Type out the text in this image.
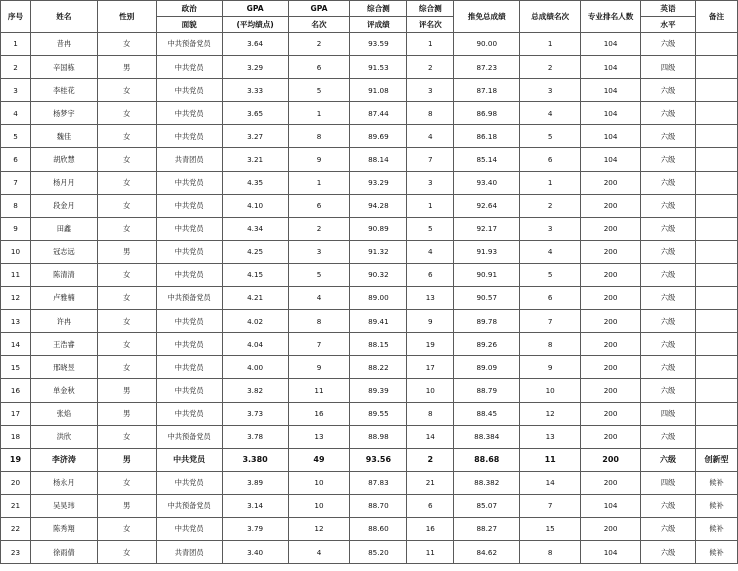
序号	姓名	性别	政治	GPA	GPA	综合测	综合测	推免总成绩	总成绩名次	专业排名人数	英语	备注
			面貌	(平均绩点)	名次	评成绩	评名次				水平	
1	昔冉	女	中共预备党员	3.64	2	93.59	1	90.00	1	104	六级	
2	辛国栋	男	中共党员	3.29	6	91.53	2	87.23	2	104	四级	
3	李桂花	女	中共党员	3.33	5	91.08	3	87.18	3	104	六级	
4	杨梦宇	女	中共党员	3.65	1	87.44	8	86.98	4	104	六级	
5	魏佳	女	中共党员	3.27	8	89.69	4	86.18	5	104	六级	
6	胡欣慧	女	共青团员	3.21	9	88.14	7	85.14	6	104	六级	
7	杨月月	女	中共党员	4.35	1	93.29	3	93.40	1	200	六级	
8	段金月	女	中共党员	4.10	6	94.28	1	92.64	2	200	六级	
9	田鑫	女	中共党员	4.34	2	90.89	5	92.17	3	200	六级	
10	冠志远	男	中共党员	4.25	3	91.32	4	91.93	4	200	六级	
11	陈清清	女	中共党员	4.15	5	90.32	6	90.91	5	200	六级	
12	卢雅楠	女	中共预备党员	4.21	4	89.00	13	90.57	6	200	六级	
13	许冉	女	中共党员	4.02	8	89.41	9	89.78	7	200	六级	
14	王浩睿	女	中共党员	4.04	7	88.15	19	89.26	8	200	六级	
15	邢晓昱	女	中共党员	4.00	9	88.22	17	89.09	9	200	六级	
16	单金秋	男	中共党员	3.82	11	89.39	10	88.79	10	200	六级	
17	张焰	男	中共党员	3.73	16	89.55	8	88.45	12	200	四级	
18	洪欣	女	中共预备党员	3.78	13	88.98	14	88.384	13	200	六级	
19	李济涛	男	中共党员	3.380	49	93.56	2	88.68	11	200	六级	创新型
20	杨永月	女	中共党员	3.89	10	87.83	21	88.382	14	200	四级	候补
21	吴昊玮	男	中共预备党员	3.14	10	88.70	6	85.07	7	104	六级	候补
22	陈秀翔	女	中共党员	3.79	12	88.60	16	88.27	15	200	六级	候补
23	徐雨倩	女	共青团员	3.40	4	85.20	11	84.62	8	104	六级	候补
